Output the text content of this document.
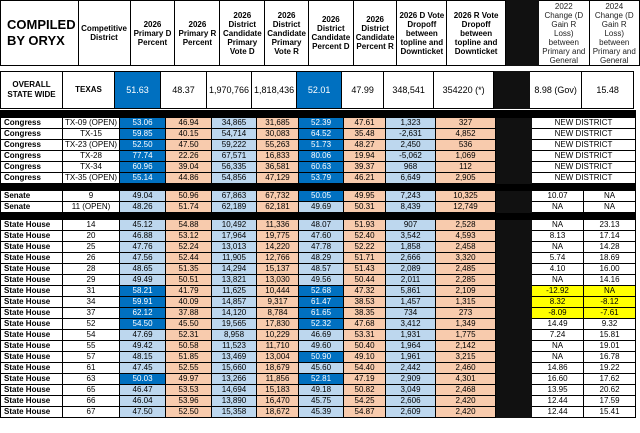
COMPILED BY ORYX	Competitive District	2026 Primary D Percent	2026 Primary R Percent	2026 District Candidate Primary Vote D	2026 District Candidate Primary Vote R	2026 District Candidate Percent D	2026 District Candidate Percent R	2026 D Vote Dropoff between topline and Downticket	2026 R Vote Dropoff between topline and Downticket		2022 Change (D Gain R Loss) between Primary and General	2024 Change (D Gain R Loss) between Primary and General
OVERALL STATE WIDE	TEXAS	51.63	48.37	1,970,766	1,818,436	52.01	47.99	348,541	354220 (*)		8.98 (Gov)	15.48

Congress	TX-09 (OPEN)	53.06	46.94	34,865	31,685	52.39	47.61	1,323	327		NEW DISTRICT	
Congress	TX-15	59.85	40.15	54,714	30,083	64.52	35.48	-2,631	4,852		NEW DISTRICT	
Congress	TX-23 (OPEN)	52.50	47.50	59,222	55,263	51.73	48.27	2,450	536		NEW DISTRICT	
Congress	TX-28	77.74	22.26	67,571	16,833	80.06	19.94	-5,062	1,069		NEW DISTRICT	
Congress	TX-34	60.96	39.04	56,335	36,581	60.63	39.37	968	112		NEW DISTRICT	
Congress	TX-35 (OPEN)	55.14	44.86	54,856	47,129	53.79	46.21	6,649	2,905		NEW DISTRICT	

Senate	9	49.04	50.96	67,863	67,732	50.05	49.95	7,243	10,325		10.07	NA
Senate	11 (OPEN)	48.26	51.74	62,189	62,181	49.69	50.31	8,439	12,749		NA	NA

State House	14	45.12	54.88	10,492	11,336	48.07	51.93	907	2,528		NA	23.13
State House	20	46.88	53.12	17,964	19,775	47.60	52.40	3,542	4,593		8.13	17.14
State House	25	47.76	52.24	13,013	14,220	47.78	52.22	1,858	2,458		NA	14.28
State House	26	47.56	52.44	11,905	12,766	48.29	51.71	2,666	3,320		5.74	18.69
State House	28	48.65	51.35	14,294	15,137	48.57	51.43	2,089	2,485		4.10	16.00
State House	29	49.49	50.51	13,821	13,030	49.56	50.44	2,011	2,285		NA	14.16
State House	31	58.21	41.79	11,625	10,444	52.68	47.32	5,861	2,109		-12.92	NA
State House	34	59.91	40.09	14,857	9,317	61.47	38.53	1,457	1,315		8.32	-8.12
State House	37	62.12	37.88	14,120	8,784	61.65	38.35	734	273		-8.09	-7.61
State House	52	54.50	45.50	19,565	17,830	52.32	47.68	3,412	1,349		14.49	9.32
State House	54	47.69	52.31	8,958	10,229	46.69	53.31	1,931	1,775		7.24	15.81
State House	55	49.42	50.58	11,523	11,710	49.60	50.40	1,964	2,142		NA	19.01
State House	57	48.15	51.85	13,469	13,004	50.90	49.10	1,961	3,215		NA	16.78
State House	61	47.45	52.55	15,660	18,679	45.60	54.40	2,442	2,460		14.86	19.22
State House	63	50.03	49.97	13,266	11,856	52.81	47.19	2,909	4,301		16.60	17.62
State House	65	46.47	53.53	14,694	15,183	49.18	50.82	3,049	2,468		13.95	20.62
State House	66	46.04	53.96	13,890	16,470	45.75	54.25	2,606	2,420		12.44	17.59
State House	67	47.50	52.50	15,358	18,672	45.39	54.87	2,609	2,420		12.44	15.41
